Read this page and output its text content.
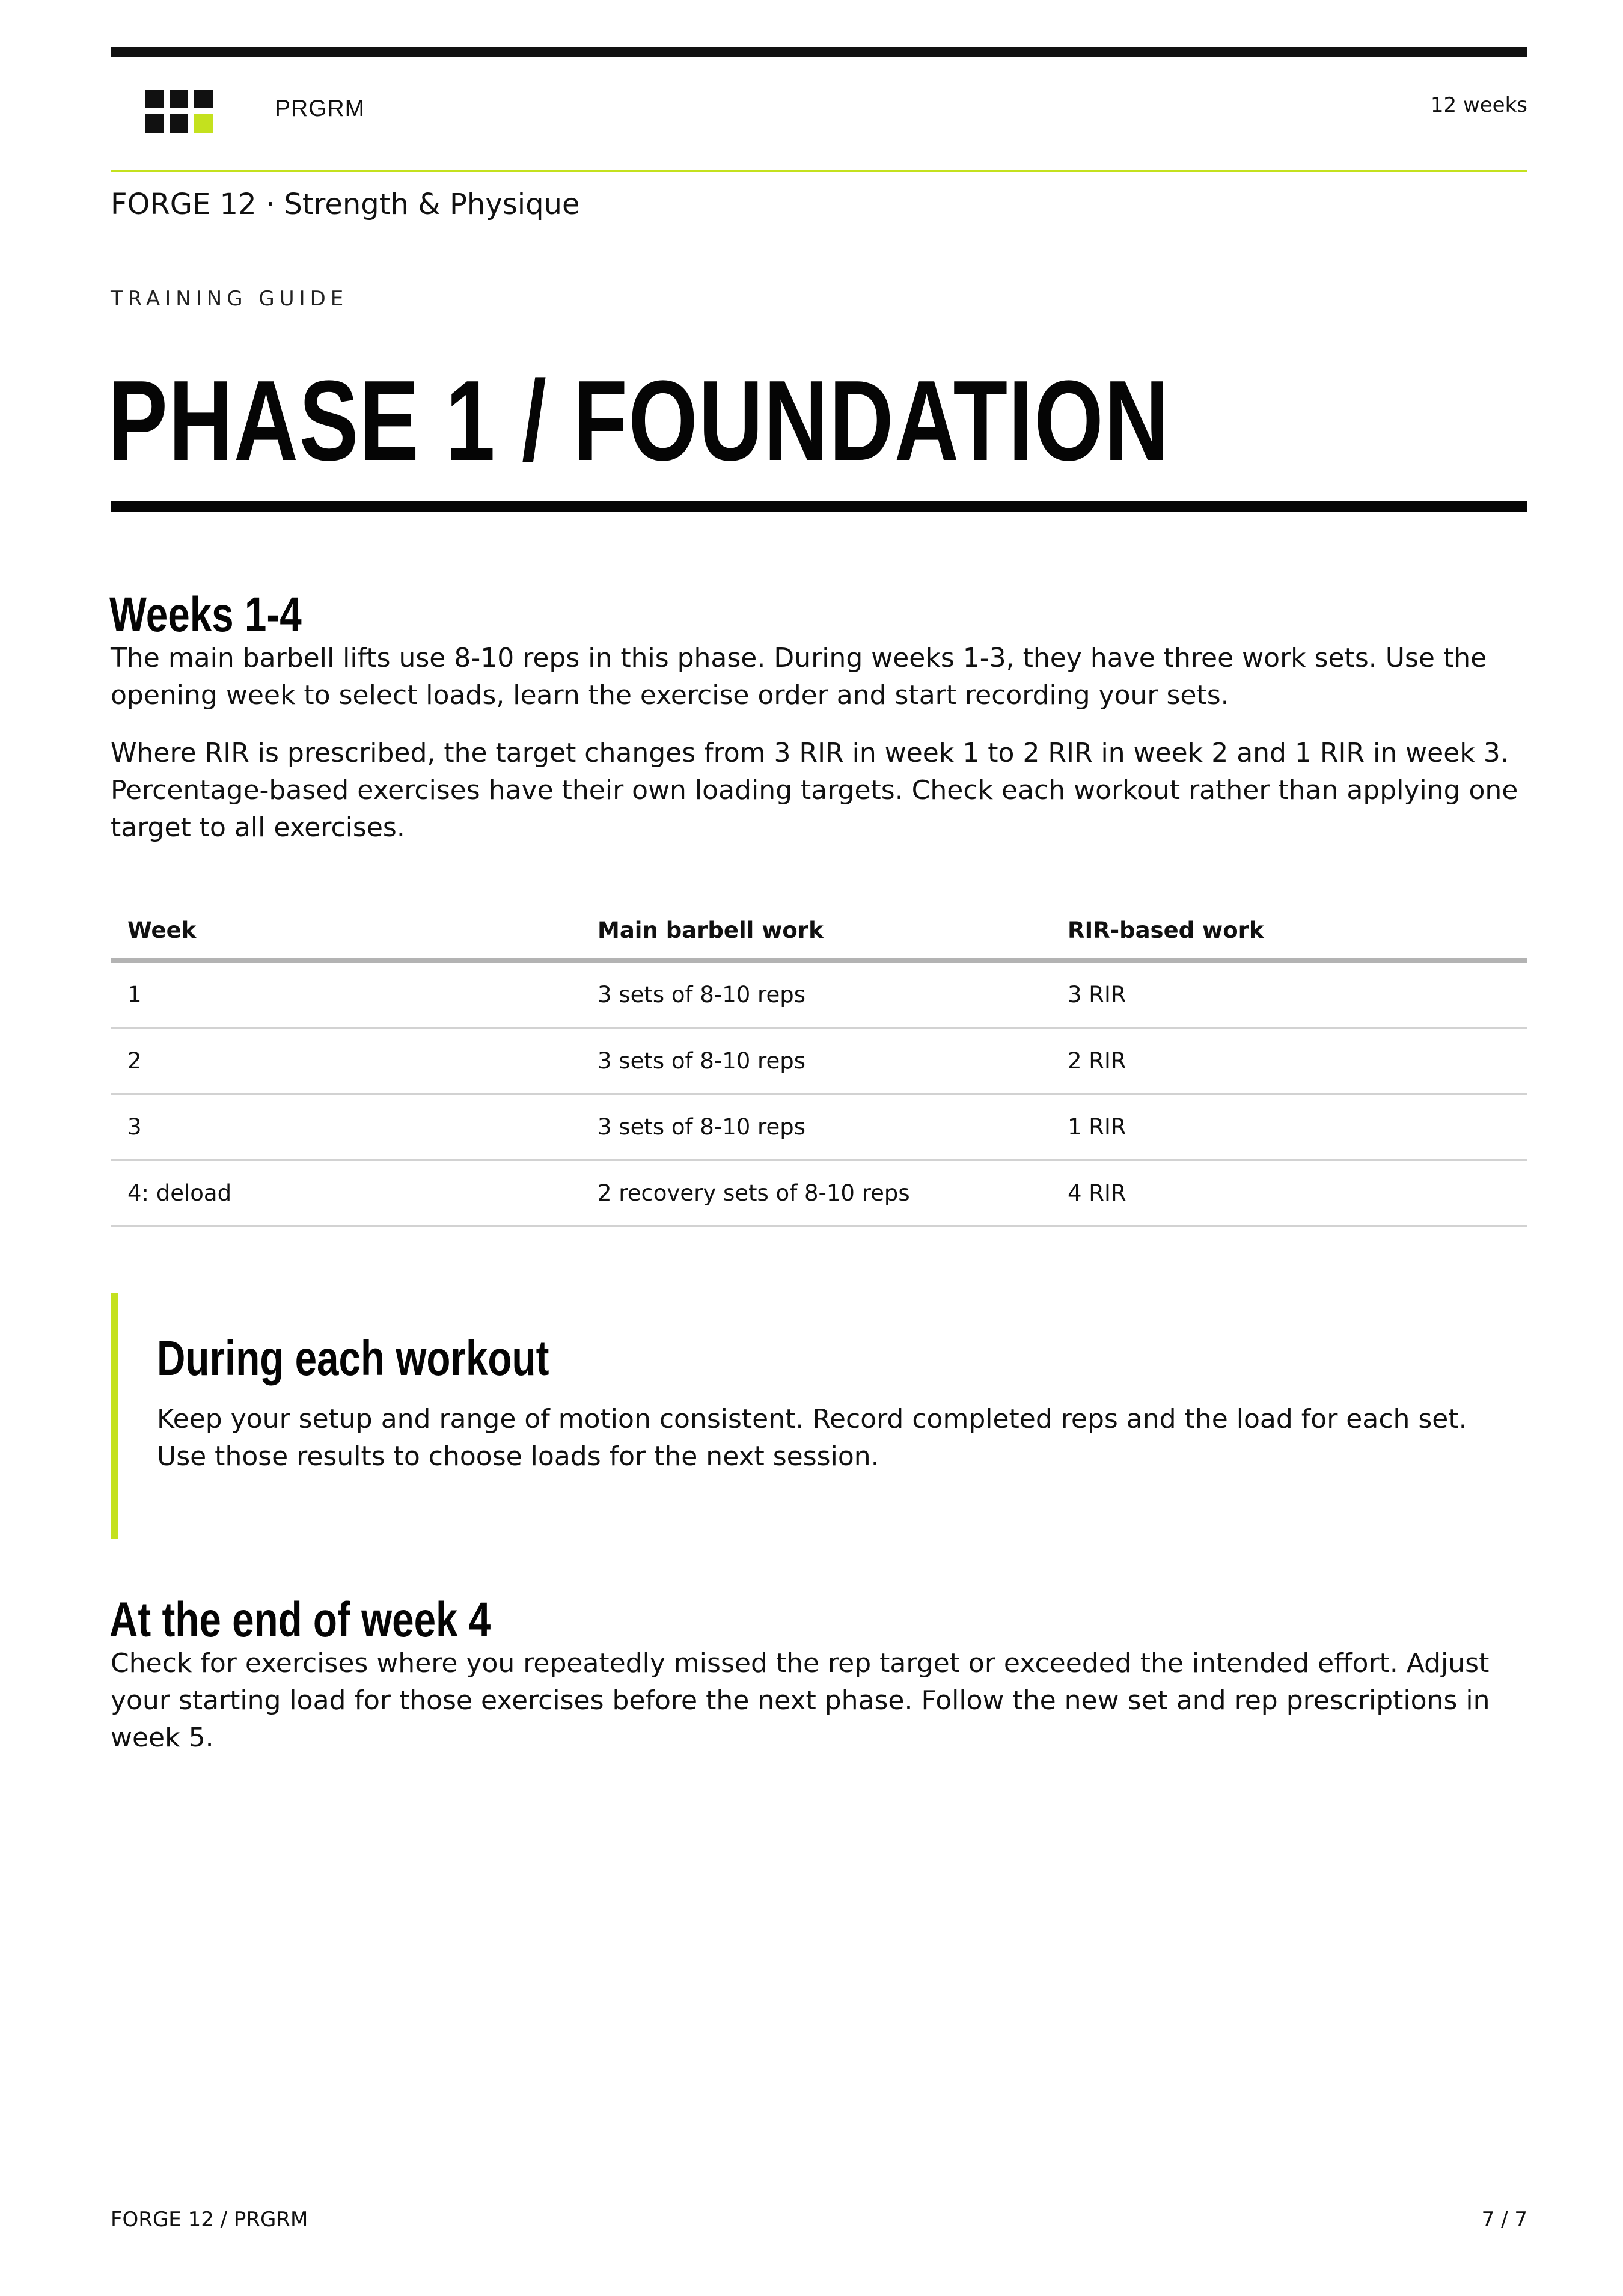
PRGRM	12 weeks
FORGE 12 · Strength & Physique
TRAINING GUIDE
PHASE 1 / FOUNDATION
Weeks 1-4

The main barbell lifts use 8-10 reps in this phase. During weeks 1-3, they have three work sets. Use the opening week to select loads, learn the exercise order and start recording your sets.

Where RIR is prescribed, the target changes from 3 RIR in week 1 to 2 RIR in week 2 and 1 RIR in week 3. Percentage-based exercises have their own loading targets. Check each workout rather than applying one target to all exercises.

Week	Main barbell work	RIR-based work
1	3 sets of 8-10 reps	3 RIR
2	3 sets of 8-10 reps	2 RIR
3	3 sets of 8-10 reps	1 RIR
4: deload	2 recovery sets of 8-10 reps	4 RIR
During each workout

Keep your setup and range of motion consistent. Record completed reps and the load for each set. Use those results to choose loads for the next session.

At the end of week 4

Check for exercises where you repeatedly missed the rep target or exceeded the intended effort. Adjust your starting load for those exercises before the next phase. Follow the new set and rep prescriptions in week 5.

FORGE 12 / PRGRM	7 / 7
